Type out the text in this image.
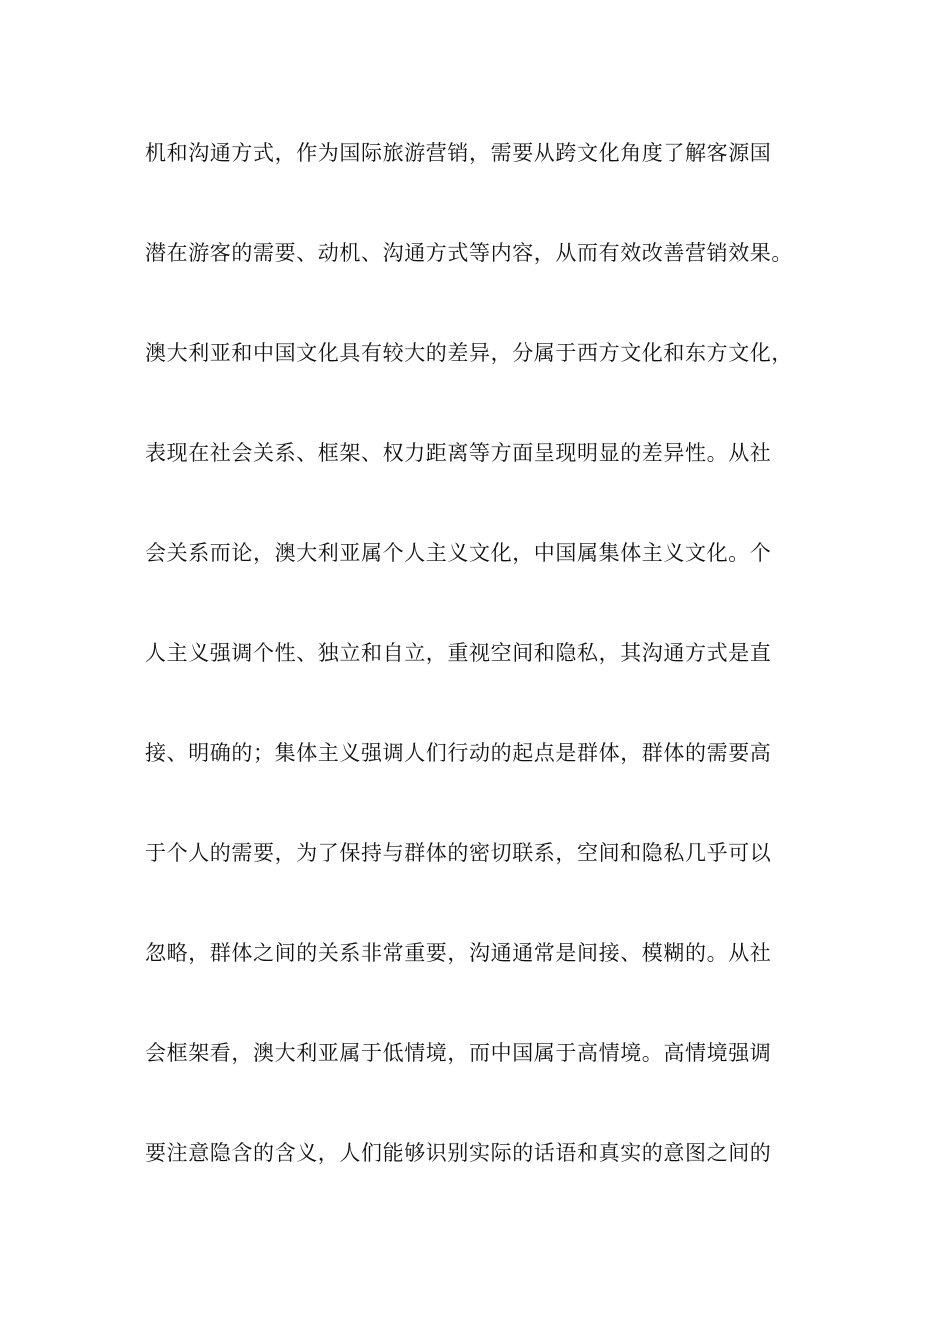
机和沟通方式，作为国际旅游营销，需要从跨文化角度了解客源国
潜在游客的需要、动机、沟通方式等内容，从而有效改善营销效果。
澳大利亚和中国文化具有较大的差异，分属于西方文化和东方文化，
表现在社会关系、框架、权力距离等方面呈现明显的差异性。从社
会关系而论，澳大利亚属个人主义文化，中国属集体主义文化。个
人主义强调个性、独立和自立，重视空间和隐私，其沟通方式是直
接、明确的；集体主义强调人们行动的起点是群体，群体的需要高
于个人的需要，为了保持与群体的密切联系，空间和隐私几乎可以
忽略，群体之间的关系非常重要，沟通通常是间接、模糊的。从社
会框架看，澳大利亚属于低情境，而中国属于高情境。高情境强调
要注意隐含的含义，人们能够识别实际的话语和真实的意图之间的
